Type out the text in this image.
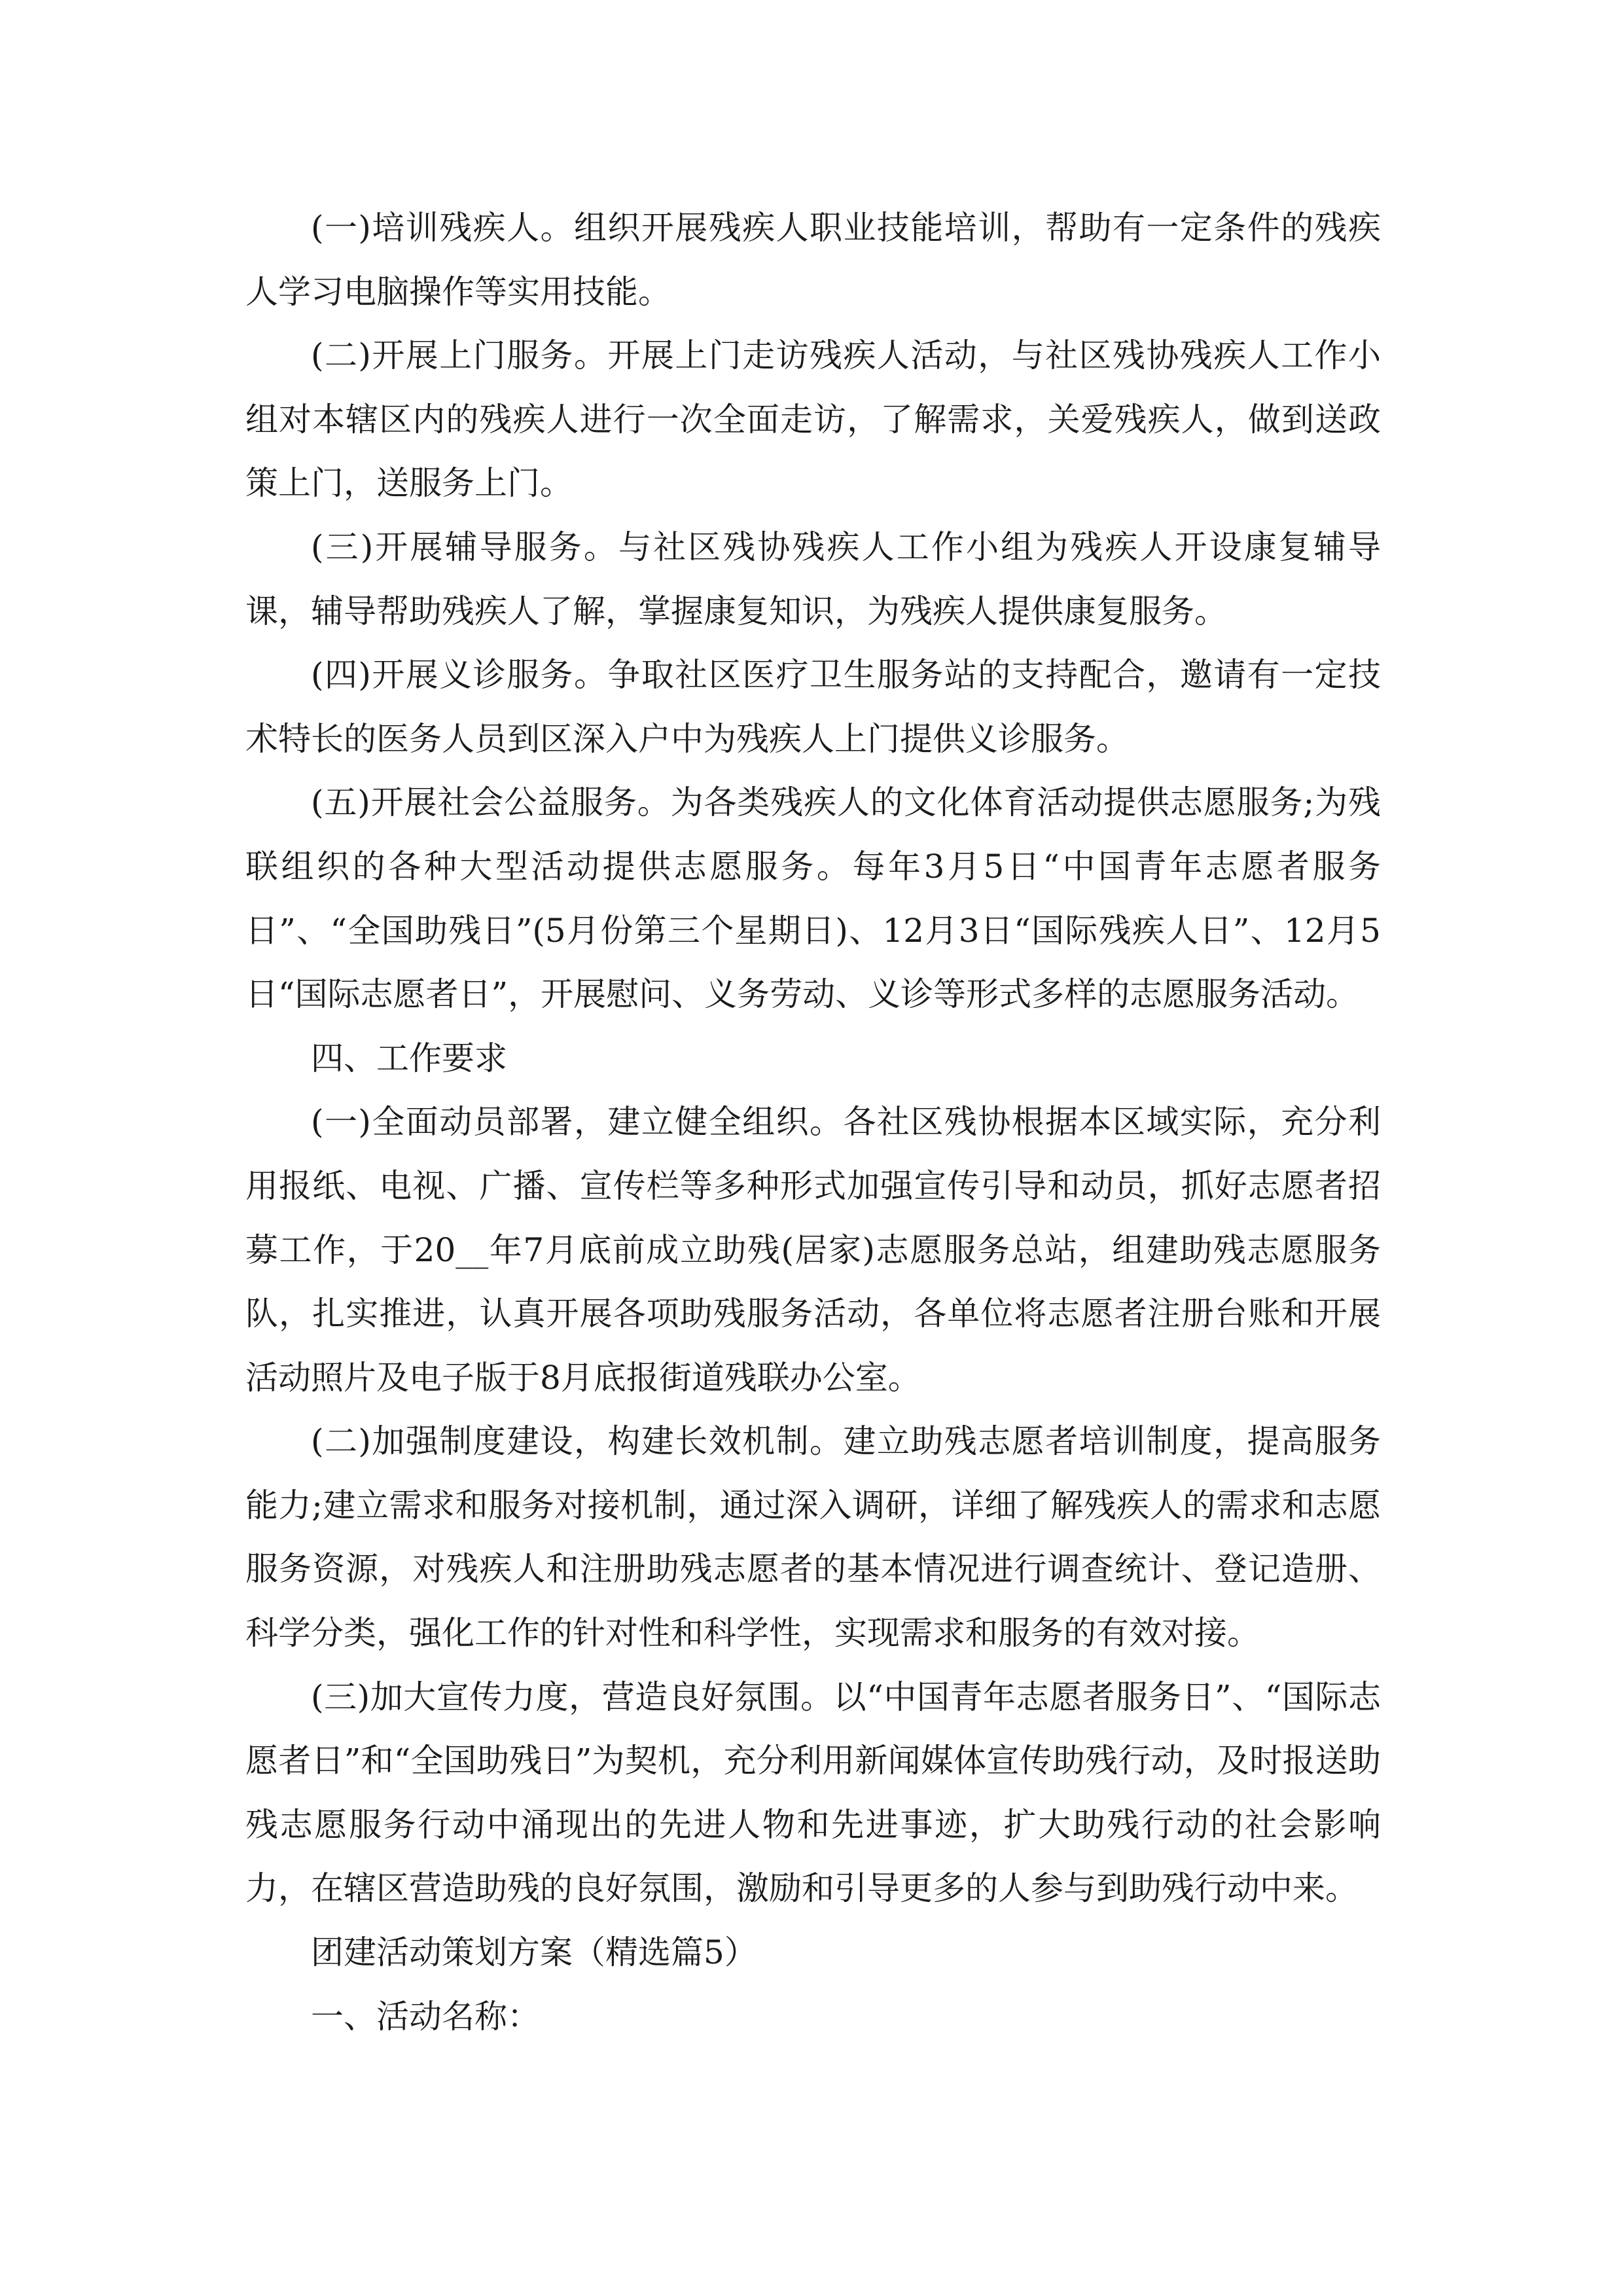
(一)培训残疾人。组织开展残疾人职业技能培训，帮助有一定条件的残疾人学习电脑操作等实用技能。

(二)开展上门服务。开展上门走访残疾人活动，与社区残协残疾人工作小组对本辖区内的残疾人进行一次全面走访，了解需求，关爱残疾人，做到送政策上门，送服务上门。

(三)开展辅导服务。与社区残协残疾人工作小组为残疾人开设康复辅导课，辅导帮助残疾人了解，掌握康复知识，为残疾人提供康复服务。

(四)开展义诊服务。争取社区医疗卫生服务站的支持配合，邀请有一定技术特长的医务人员到区深入户中为残疾人上门提供义诊服务。

(五)开展社会公益服务。为各类残疾人的文化体育活动提供志愿服务;为残联组织的各种大型活动提供志愿服务。每年3月5日“中国青年志愿者服务日”、“全国助残日”(5月份第三个星期日)、12月3日“国际残疾人日”、12月5日“国际志愿者日”，开展慰问、义务劳动、义诊等形式多样的志愿服务活动。

四、工作要求

(一)全面动员部署，建立健全组织。各社区残协根据本区域实际，充分利用报纸、电视、广播、宣传栏等多种形式加强宣传引导和动员，抓好志愿者招募工作，于20__年7月底前成立助残(居家)志愿服务总站，组建助残志愿服务队，扎实推进，认真开展各项助残服务活动，各单位将志愿者注册台账和开展活动照片及电子版于8月底报街道残联办公室。

(二)加强制度建设，构建长效机制。建立助残志愿者培训制度，提高服务能力;建立需求和服务对接机制，通过深入调研，详细了解残疾人的需求和志愿服务资源，对残疾人和注册助残志愿者的基本情况进行调查统计、登记造册、科学分类，强化工作的针对性和科学性，实现需求和服务的有效对接。

(三)加大宣传力度，营造良好氛围。以“中国青年志愿者服务日”、“国际志愿者日”和“全国助残日”为契机，充分利用新闻媒体宣传助残行动，及时报送助残志愿服务行动中涌现出的先进人物和先进事迹，扩大助残行动的社会影响力，在辖区营造助残的良好氛围，激励和引导更多的人参与到助残行动中来。

团建活动策划方案（精选篇5）

一、活动名称：
